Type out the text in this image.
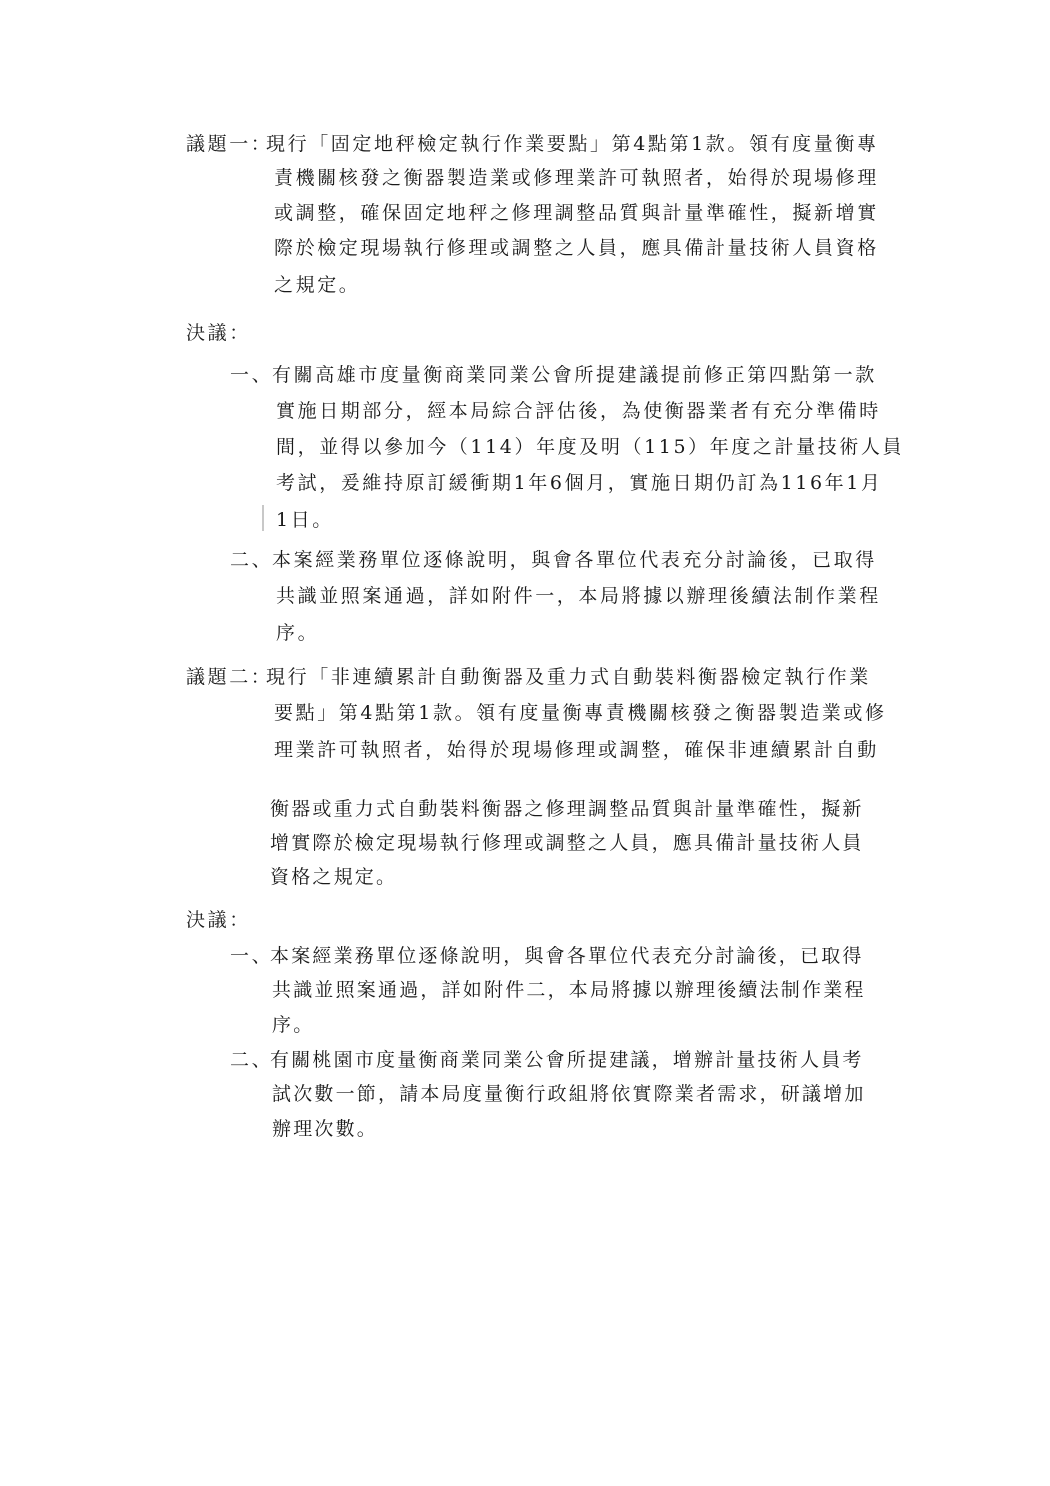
議題一：
現行「固定地秤檢定執行作業要點」第4點第1款。領有度量衡專
責機關核發之衡器製造業或修理業許可執照者，始得於現場修理
或調整，確保固定地秤之修理調整品質與計量準確性，擬新增實
際於檢定現場執行修理或調整之人員，應具備計量技術人員資格
之規定。
決議：
一、
有關高雄市度量衡商業同業公會所提建議提前修正第四點第一款
實施日期部分，經本局綜合評估後，為使衡器業者有充分準備時
間，並得以參加今（114）年度及明（115）年度之計量技術人員
考試，爰維持原訂緩衝期1年6個月，實施日期仍訂為116年1月
1日。
二、
本案經業務單位逐條說明，與會各單位代表充分討論後，已取得
共識並照案通過，詳如附件一，本局將據以辦理後續法制作業程
序。
議題二：
現行「非連續累計自動衡器及重力式自動裝料衡器檢定執行作業
要點」第4點第1款。領有度量衡專責機關核發之衡器製造業或修
理業許可執照者，始得於現場修理或調整，確保非連續累計自動
衡器或重力式自動裝料衡器之修理調整品質與計量準確性，擬新
增實際於檢定現場執行修理或調整之人員，應具備計量技術人員
資格之規定。
決議：
一、
本案經業務單位逐條說明，與會各單位代表充分討論後，已取得
共識並照案通過，詳如附件二，本局將據以辦理後續法制作業程
序。
二、
有關桃園市度量衡商業同業公會所提建議，增辦計量技術人員考
試次數一節，請本局度量衡行政組將依實際業者需求，研議增加
辦理次數。
